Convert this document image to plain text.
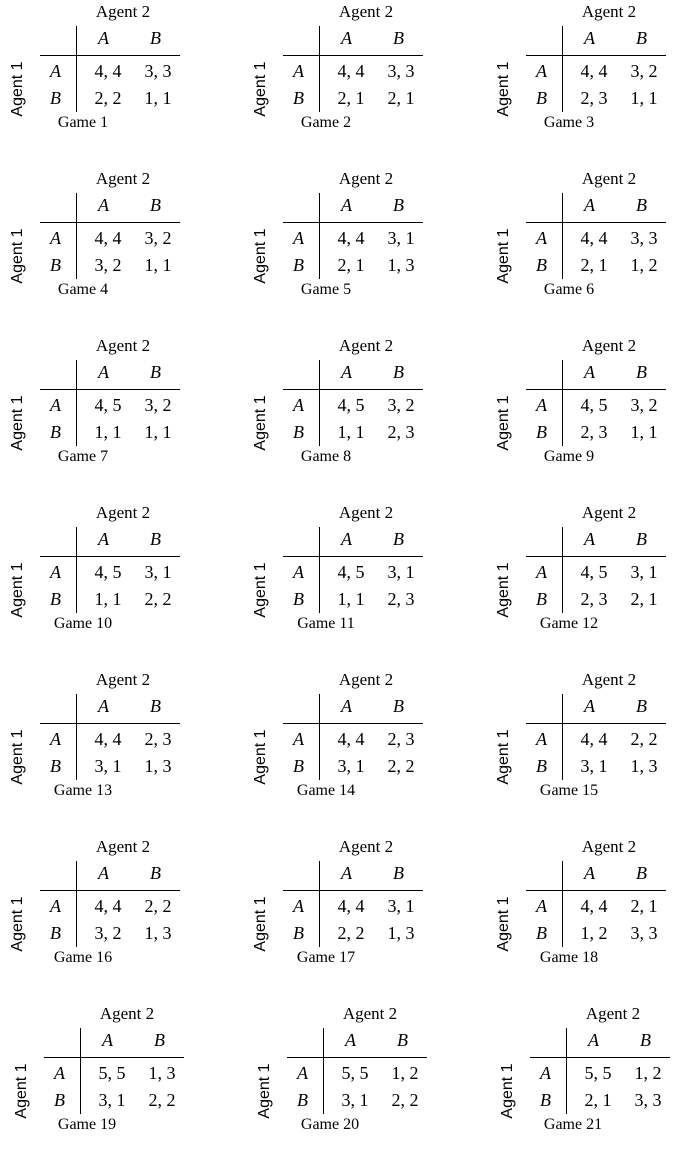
Agent 2
Agent 1
A B
A
B
4, 4	3, 3
2, 2	1, 1
Game 1
Agent 2
Agent 1
A B
A
B
4, 4	3, 3
2, 1	2, 1
Game 2
Agent 2
Agent 1
A B
A
B
4, 4	3, 2
2, 3	1, 1
Game 3
Agent 2
Agent 1
A B
A
B
4, 4	3, 2
3, 2	1, 1
Game 4
Agent 2
Agent 1
A B
A
B
4, 4	3, 1
2, 1	1, 3
Game 5
Agent 2
Agent 1
A B
A
B
4, 4	3, 3
2, 1	1, 2
Game 6
Agent 2
Agent 1
A B
A
B
4, 5	3, 2
1, 1	1, 1
Game 7
Agent 2
Agent 1
A B
A
B
4, 5	3, 2
1, 1	2, 3
Game 8
Agent 2
Agent 1
A B
A
B
4, 5	3, 2
2, 3	1, 1
Game 9
Agent 2
Agent 1
A B
A
B
4, 5	3, 1
1, 1	2, 2
Game 10
Agent 2
Agent 1
A B
A
B
4, 5	3, 1
1, 1	2, 3
Game 11
Agent 2
Agent 1
A B
A
B
4, 5	3, 1
2, 3	2, 1
Game 12
Agent 2
Agent 1
A B
A
B
4, 4	2, 3
3, 1	1, 3
Game 13
Agent 2
Agent 1
A B
A
B
4, 4	2, 3
3, 1	2, 2
Game 14
Agent 2
Agent 1
A B
A
B
4, 4	2, 2
3, 1	1, 3
Game 15
Agent 2
Agent 1
A B
A
B
4, 4	2, 2
3, 2	1, 3
Game 16
Agent 2
Agent 1
A B
A
B
4, 4	3, 1
2, 2	1, 3
Game 17
Agent 2
Agent 1
A B
A
B
4, 4	2, 1
1, 2	3, 3
Game 18
Agent 2
Agent 1
A B
A
B
5, 5	1, 3
3, 1	2, 2
Game 19
Agent 2
Agent 1
A B
A
B
5, 5	1, 2
3, 1	2, 2
Game 20
Agent 2
Agent 1
A B
A
B
5, 5	1, 2
2, 1	3, 3
Game 21
